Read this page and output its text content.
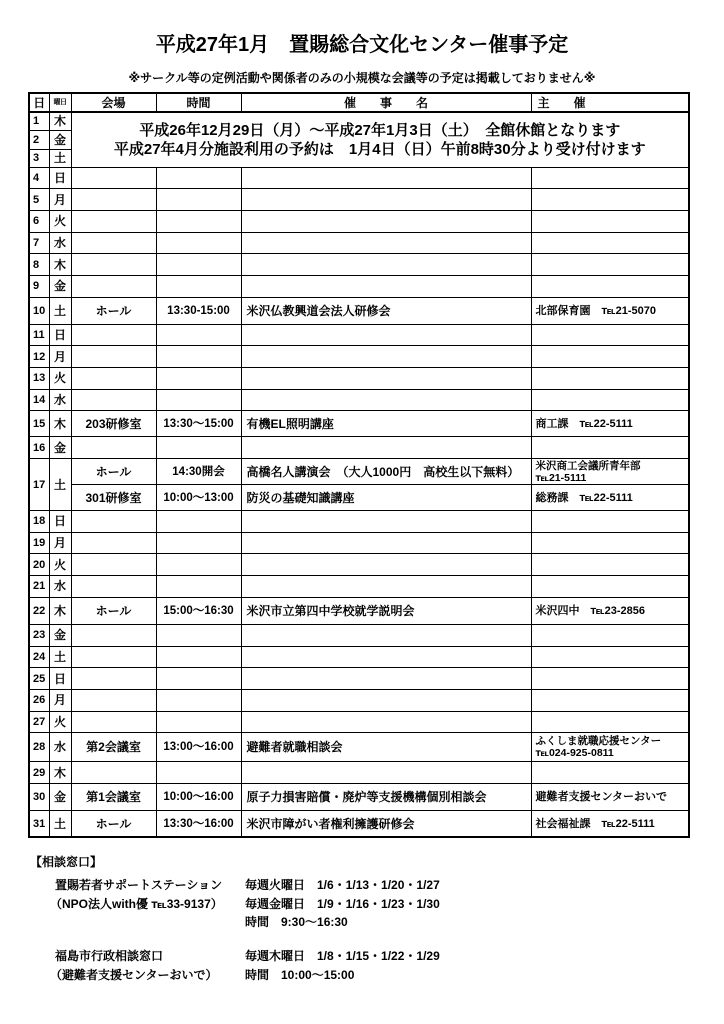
平成27年1月　置賜総合文化センター催事予定
※サークル等の定例活動や関係者のみの小規模な会議等の予定は掲載しておりません※
日	曜日	会場	時間	催　　事　　名	主　　催
1	木	平成26年12月29日（月）～平成27年1月3日（土）　全館休館となります
平成27年4月分施設利用の予約は　1月4日（日）午前8時30分より受け付けます			

2	金				
3	土				
4	日				
5	月				
6	火				
7	水				
8	木				
9	金				
10	土	ホール	13:30-15:00	米沢仏教興道会法人研修会	北部保育園　℡21-5070

11	日				
12	月				
13	火				
14	水				
15	木	203研修室	13:30～15:00	有機EL照明講座	商工課　℡22-5111

16	金				
17	土	ホール	14:30開会	高橋名人講演会　（大人1000円　高校生以下無料）	米沢商工会議所青年部
℡21-5111

		301研修室	10:00～13:00	防災の基礎知識講座	総務課　℡22-5111

18	日				
19	月				
20	火				
21	水				
22	木	ホール	15:00～16:30	米沢市立第四中学校就学説明会	米沢四中　℡23-2856

23	金				
24	土				
25	日				
26	月				
27	火				
28	水	第2会議室	13:00～16:00	避難者就職相談会	ふくしま就職応援センター
℡024-925-0811

29	木				
30	金	第1会議室	10:00～16:00	原子力損害賠償・廃炉等支援機構個別相談会	避難者支援センターおいで

31	土	ホール	13:30～16:00	米沢市障がい者権利擁護研修会	社会福祉課　℡22-5111
【相談窓口】
置賜若者サポートステーション
（NPO法人with優 ℡33-9137）
毎週火曜日　1/6・1/13・1/20・1/27
毎週金曜日　1/9・1/16・1/23・1/30
時間　9:30～16:30
福島市行政相談窓口
（避難者支援センターおいで）
毎週木曜日　1/8・1/15・1/22・1/29
時間　10:00～15:00
